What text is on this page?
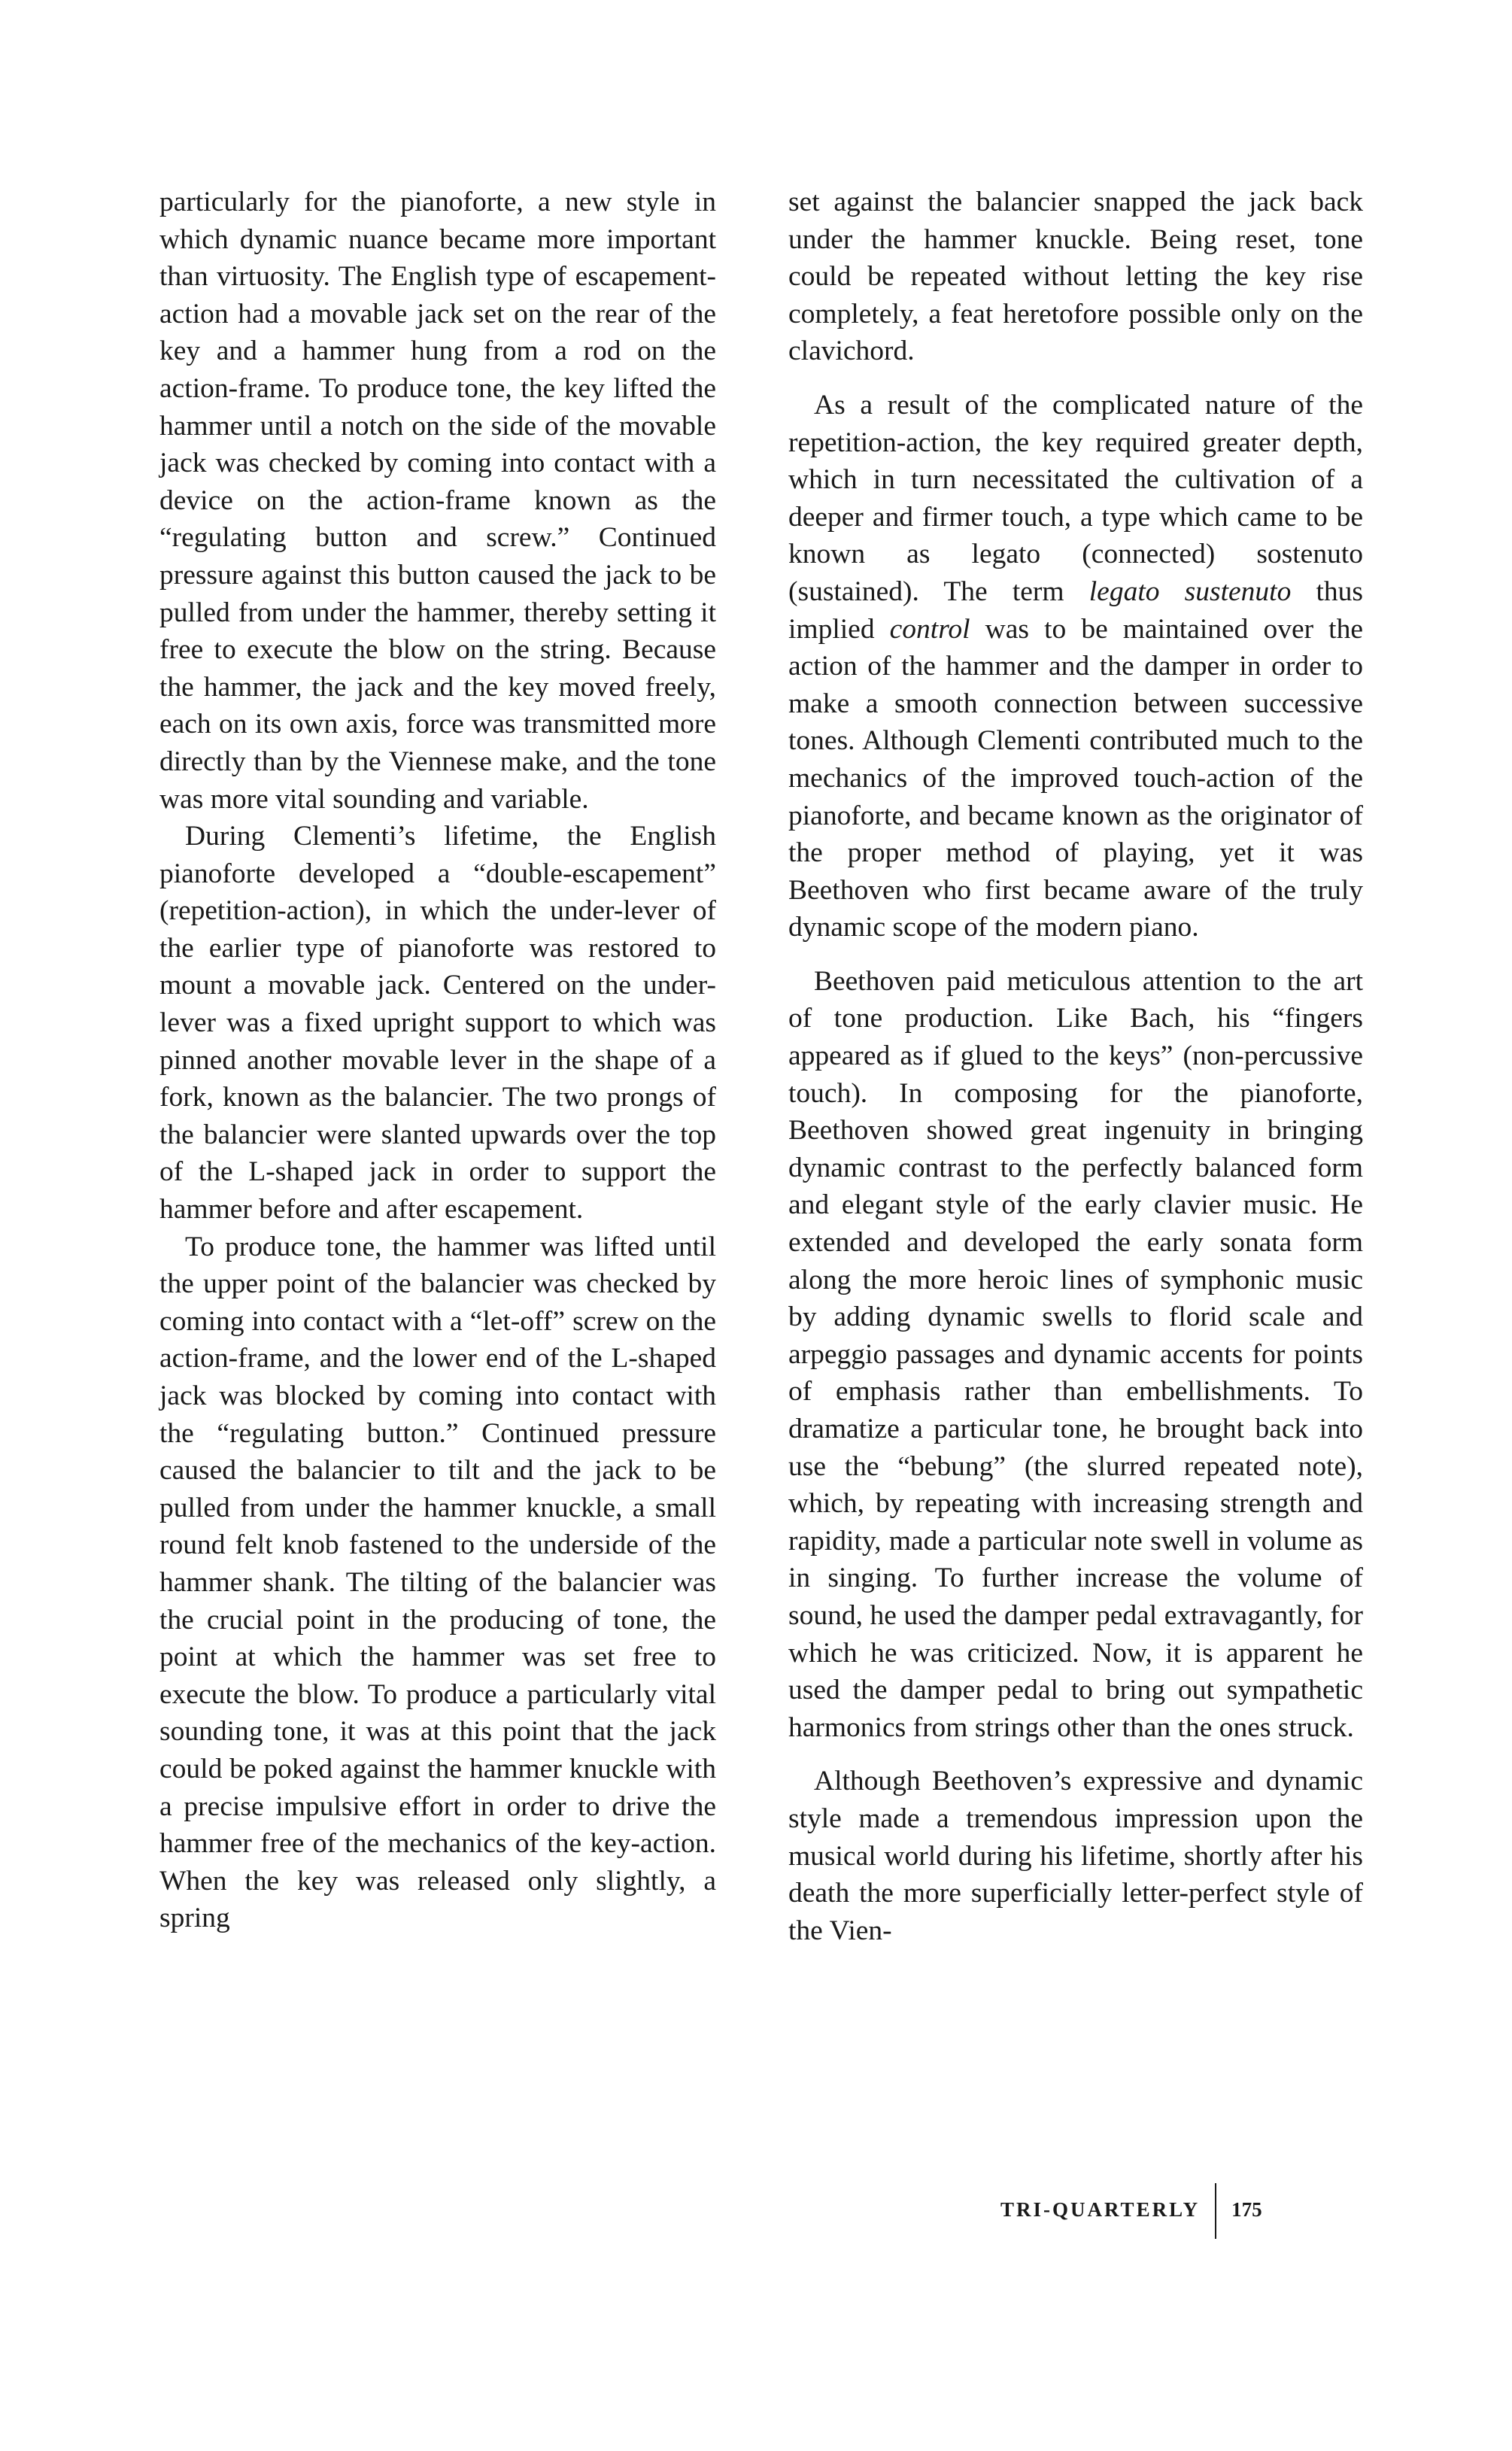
particularly for the pianoforte, a new style in which dynamic nuance became more important than virtuosity. The English type of escapement-action had a movable jack set on the rear of the key and a hammer hung from a rod on the action-frame. To produce tone, the key lifted the hammer until a notch on the side of the movable jack was checked by coming into contact with a device on the action-frame known as the “regulating button and screw.” Continued pressure against this button caused the jack to be pulled from under the hammer, thereby setting it free to execute the blow on the string. Because the hammer, the jack and the key moved freely, each on its own axis, force was transmitted more directly than by the Viennese make, and the tone was more vital sounding and variable.

During Clementi’s lifetime, the English pianoforte developed a “double-escapement” (repetition-action), in which the under-lever of the earlier type of pianoforte was restored to mount a movable jack. Centered on the under-lever was a fixed upright support to which was pinned another movable lever in the shape of a fork, known as the balancier. The two prongs of the balancier were slanted upwards over the top of the L-shaped jack in order to support the hammer before and after escapement.

To produce tone, the hammer was lifted until the upper point of the balancier was checked by coming into contact with a “let-off” screw on the action-frame, and the lower end of the L-shaped jack was blocked by coming into contact with the “regulating button.” Continued pressure caused the balancier to tilt and the jack to be pulled from under the hammer knuckle, a small round felt knob fastened to the underside of the hammer shank. The tilting of the balancier was the crucial point in the producing of tone, the point at which the hammer was set free to execute the blow. To produce a particularly vital sounding tone, it was at this point that the jack could be poked against the hammer knuckle with a precise impulsive effort in order to drive the hammer free of the mechanics of the key-action. When the key was released only slightly, a spring

set against the balancier snapped the jack back under the hammer knuckle. Being reset, tone could be repeated without letting the key rise completely, a feat heretofore possible only on the clavichord.

As a result of the complicated nature of the repetition-action, the key required greater depth, which in turn necessitated the cultivation of a deeper and firmer touch, a type which came to be known as legato (connected) sostenuto (sustained). The term legato sustenuto thus implied control was to be maintained over the action of the hammer and the damper in order to make a smooth connection between successive tones. Although Clementi contributed much to the mechanics of the improved touch-action of the pianoforte, and became known as the originator of the proper method of playing, yet it was Beethoven who first became aware of the truly dynamic scope of the modern piano.

Beethoven paid meticulous attention to the art of tone production. Like Bach, his “fingers appeared as if glued to the keys” (non-percussive touch). In composing for the pianoforte, Beethoven showed great ingenuity in bringing dynamic contrast to the perfectly balanced form and elegant style of the early clavier music. He extended and developed the early sonata form along the more heroic lines of symphonic music by adding dynamic swells to florid scale and arpeggio passages and dynamic accents for points of emphasis rather than embellishments. To dramatize a particular tone, he brought back into use the “bebung” (the slurred repeated note), which, by repeating with increasing strength and rapidity, made a particular note swell in volume as in singing. To further increase the volume of sound, he used the damper pedal extravagantly, for which he was criticized. Now, it is apparent he used the damper pedal to bring out sympathetic harmonics from strings other than the ones struck.

Although Beethoven’s expressive and dynamic style made a tremendous impression upon the musical world during his lifetime, shortly after his death the more superficially letter-perfect style of the Vien-

TRI-QUARTERLY	175
